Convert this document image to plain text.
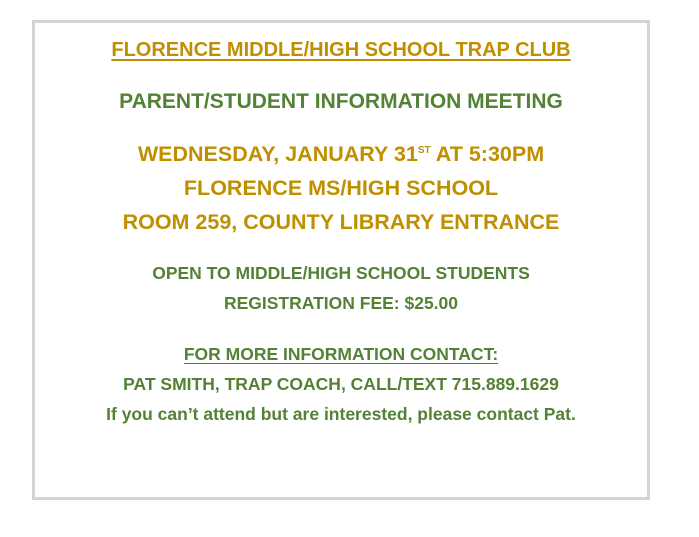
FLORENCE MIDDLE/HIGH SCHOOL TRAP CLUB
PARENT/STUDENT INFORMATION MEETING
WEDNESDAY, JANUARY 31ST AT 5:30PM
FLORENCE MS/HIGH SCHOOL
ROOM 259, COUNTY LIBRARY ENTRANCE
OPEN TO MIDDLE/HIGH SCHOOL STUDENTS
REGISTRATION FEE: $25.00
FOR MORE INFORMATION CONTACT:
PAT SMITH, TRAP COACH, CALL/TEXT 715.889.1629
If you can’t attend but are interested, please contact Pat.
